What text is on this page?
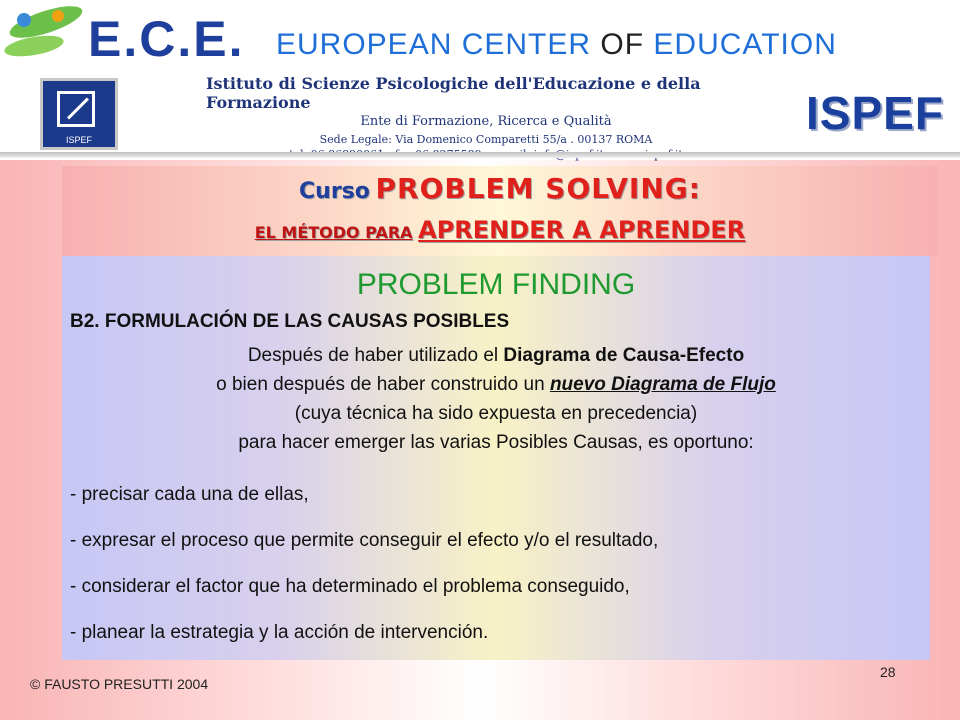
E.C.E. EUROPEAN CENTER OF EDUCATION
ISPEF
Istituto di Scienze Psicologiche dell'Educazione e della Formazione
Ente di Formazione, Ricerca e Qualità
Sede Legale: Via Domenico Comparetti 55/a . 00137 ROMA
ISPEF
Curso PROBLEM SOLVING:
EL MÉTODO PARA APRENDER A APRENDER
PROBLEM FINDING
B2. FORMULACIÓN DE LAS CAUSAS POSIBLES
Después de haber utilizado el Diagrama de Causa-Efecto
o bien después de haber construido un nuevo Diagrama de Flujo
(cuya técnica ha sido expuesta en precedencia)
para hacer emerger las varias Posibles Causas, es oportuno:
- precisar cada una de ellas,
- expresar el proceso que permite conseguir el efecto y/o el resultado,
- considerar el factor que ha determinado el problema conseguido,
- planear la estrategia y la acción de intervención.
28
© FAUSTO PRESUTTI 2004
